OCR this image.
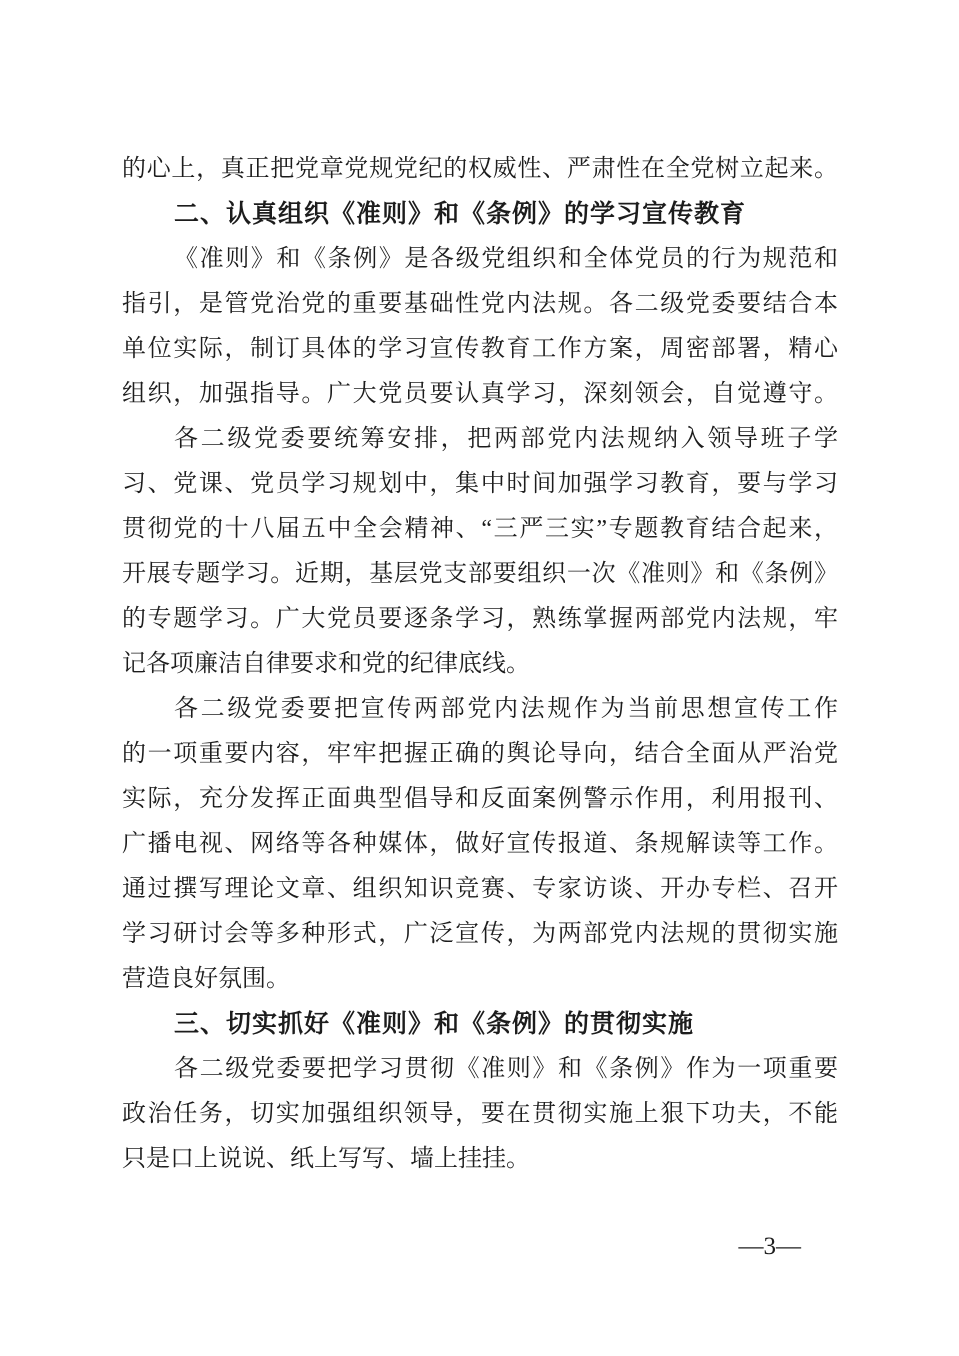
的心上，真正把党章党规党纪的权威性、严肃性在全党树立起来。
二、认真组织《准则》和《条例》的学习宣传教育
《准则》和《条例》是各级党组织和全体党员的行为规范和
指引，是管党治党的重要基础性党内法规。各二级党委要结合本
单位实际，制订具体的学习宣传教育工作方案，周密部署，精心
组织，加强指导。广大党员要认真学习，深刻领会，自觉遵守。
各二级党委要统筹安排，把两部党内法规纳入领导班子学
习、党课、党员学习规划中，集中时间加强学习教育，要与学习
贯彻党的十八届五中全会精神、“三严三实”专题教育结合起来，
开展专题学习。近期，基层党支部要组织一次《准则》和《条例》
的专题学习。广大党员要逐条学习，熟练掌握两部党内法规，牢
记各项廉洁自律要求和党的纪律底线。
各二级党委要把宣传两部党内法规作为当前思想宣传工作
的一项重要内容，牢牢把握正确的舆论导向，结合全面从严治党
实际，充分发挥正面典型倡导和反面案例警示作用，利用报刊、
广播电视、网络等各种媒体，做好宣传报道、条规解读等工作。
通过撰写理论文章、组织知识竞赛、专家访谈、开办专栏、召开
学习研讨会等多种形式，广泛宣传，为两部党内法规的贯彻实施
营造良好氛围。
三、切实抓好《准则》和《条例》的贯彻实施
各二级党委要把学习贯彻《准则》和《条例》作为一项重要
政治任务，切实加强组织领导，要在贯彻实施上狠下功夫，不能
只是口上说说、纸上写写、墙上挂挂。
—3—
